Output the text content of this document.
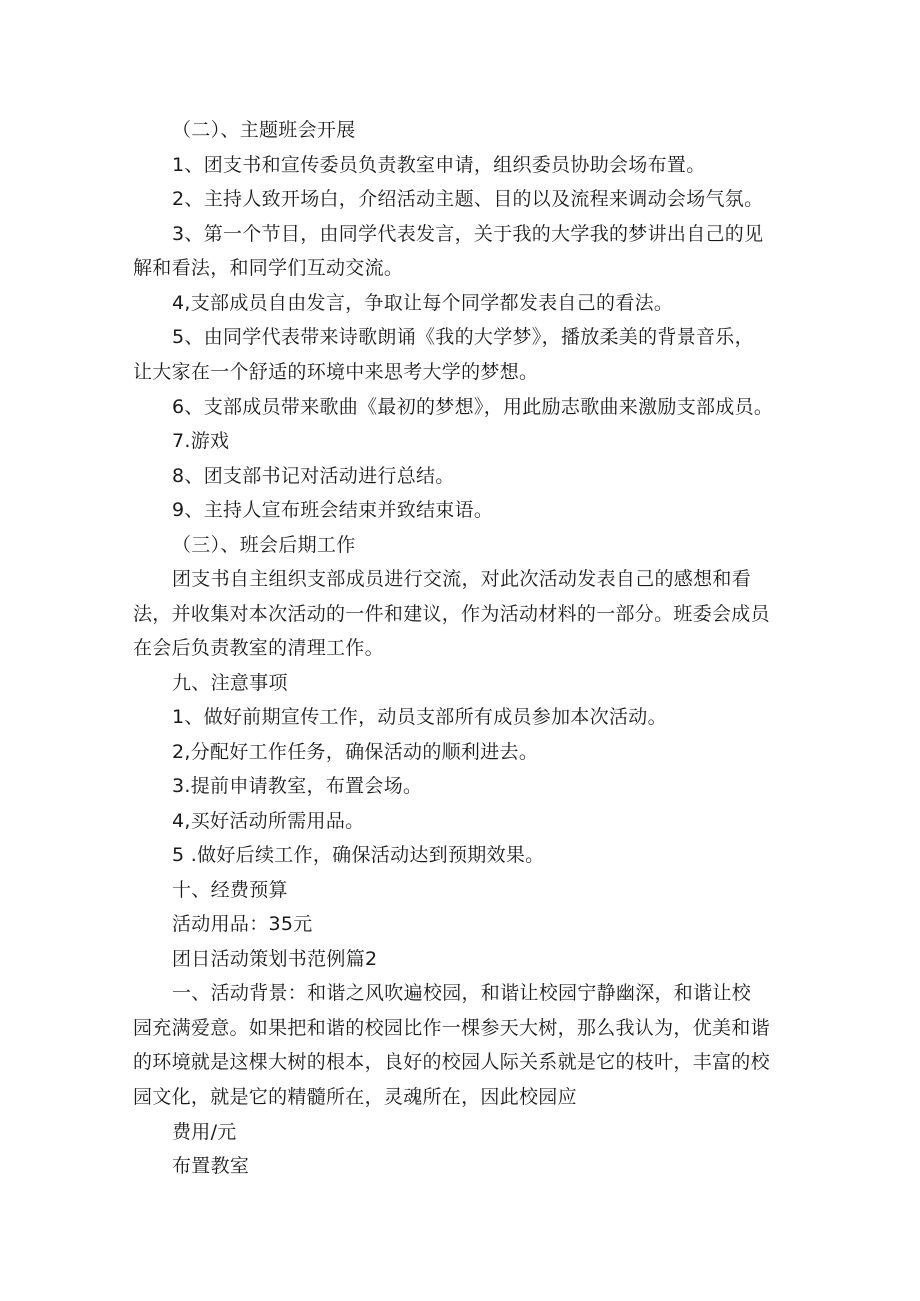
（二）、主题班会开展
1、团支书和宣传委员负责教室申请，组织委员协助会场布置。
2、主持人致开场白，介绍活动主题、目的以及流程来调动会场气氛。
3、第一个节目，由同学代表发言，关于我的大学我的梦讲出自己的见
解和看法，和同学们互动交流。
4,支部成员自由发言，争取让每个同学都发表自己的看法。
5、由同学代表带来诗歌朗诵《我的大学梦》，播放柔美的背景音乐，
让大家在一个舒适的环境中来思考大学的梦想。
6、支部成员带来歌曲《最初的梦想》，用此励志歌曲来激励支部成员。
7.游戏
8、团支部书记对活动进行总结。
9、主持人宣布班会结束并致结束语。
（三）、班会后期工作
团支书自主组织支部成员进行交流，对此次活动发表自己的感想和看
法，并收集对本次活动的一件和建议，作为活动材料的一部分。班委会成员
在会后负责教室的清理工作。
九、注意事项
1、做好前期宣传工作，动员支部所有成员参加本次活动。
2,分配好工作任务，确保活动的顺利进去。
3.提前申请教室，布置会场。
4,买好活动所需用品。
5 .做好后续工作，确保活动达到预期效果。
十、经费预算
活动用品：35元
团日活动策划书范例篇2
一、活动背景：和谐之风吹遍校园，和谐让校园宁静幽深，和谐让校
园充满爱意。如果把和谐的校园比作一棵参天大树，那么我认为，优美和谐
的环境就是这棵大树的根本，良好的校园人际关系就是它的枝叶，丰富的校
园文化，就是它的精髓所在，灵魂所在，因此校园应
费用/元
布置教室
